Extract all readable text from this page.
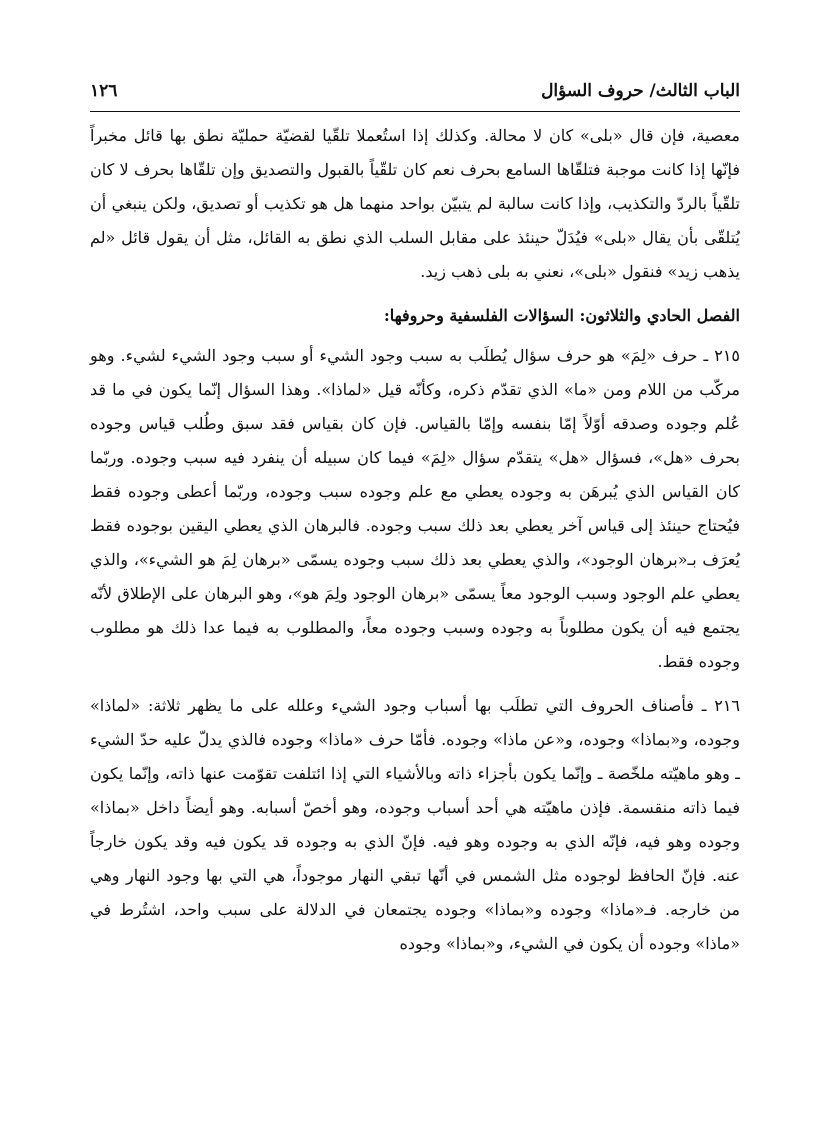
الباب الثالث/ حروف السؤال
١٢٦

معصية، فإن قال «بلى» كان لا محالة. وكذلك إذا استُعملا تلقّيا لقضيّة حمليّة نطق بها قائل مخبراً فإنّها إذا كانت موجبة فتلقّاها السامع بحرف نعم كان تلقّياً بالقبول والتصديق وإن تلقّاها بحرف لا كان تلقّياً بالردّ والتكذيب، وإذا كانت سالبة لم يتبيّن بواحد منهما هل هو تكذيب أو تصديق، ولكن ينبغي أن يُتلقّى بأن يقال «بلى» فيُدَلّ حينئذ على مقابل السلب الذي نطق به القائل، مثل أن يقول قائل «لم يذهب زيد» فنقول «بلى»، نعني به بلى ذهب زيد.

الفصل الحادي والثلاثون: السؤالات الفلسفية وحروفها:

٢١٥ ـ حرف «لِمَ» هو حرف سؤال يُطلَب به سبب وجود الشيء أو سبب وجود الشيء لشيء. وهو مركّب من اللام ومن «ما» الذي تقدّم ذكره، وكأنّه قيل «لماذا». وهذا السؤال إنّما يكون في ما قد عُلم وجوده وصدقه أوّلاً إمّا بنفسه وإمّا بالقياس. فإن كان بقياس فقد سبق وطُلب قياس وجوده بحرف «هل»، فسؤال «هل» يتقدّم سؤال «لِمَ» فيما كان سبيله أن ينفرد فيه سبب وجوده. وربّما كان القياس الذي يُبرهَن به وجوده يعطي مع علم وجوده سبب وجوده، وربّما أعطى وجوده فقط فيُحتاج حينئذ إلى قياس آخر يعطي بعد ذلك سبب وجوده. فالبرهان الذي يعطي اليقين بوجوده فقط يُعرَف بـ«برهان الوجود»، والذي يعطي بعد ذلك سبب وجوده يسمّى «برهان لِمَ هو الشيء»، والذي يعطي علم الوجود وسبب الوجود معاً يسمّى «برهان الوجود ولِمَ هو»، وهو البرهان على الإطلاق لأنّه يجتمع فيه أن يكون مطلوباً به وجوده وسبب وجوده معاً، والمطلوب به فيما عدا ذلك هو مطلوب وجوده فقط.

٢١٦ ـ فأصناف الحروف التي تطلَب بها أسباب وجود الشيء وعلله على ما يظهر ثلاثة: «لماذا» وجوده، و«بماذا» وجوده، و«عن ماذا» وجوده. فأمّا حرف «ماذا» وجوده فالذي يدلّ عليه حدّ الشيء ـ وهو ماهيّته ملخّصة ـ وإنّما يكون بأجزاء ذاته وبالأشياء التي إذا ائتلفت تقوّمت عنها ذاته، وإنّما يكون فيما ذاته منقسمة. فإذن ماهيّته هي أحد أسباب وجوده، وهو أخصّ أسبابه. وهو أيضاً داخل «بماذا» وجوده وهو فيه، فإنّه الذي به وجوده وهو فيه. فإنّ الذي به وجوده قد يكون فيه وقد يكون خارجاً عنه. فإنّ الحافظ لوجوده مثل الشمس في أنّها تبقي النهار موجوداً، هي التي بها وجود النهار وهي من خارجه. فـ«ماذا» وجوده و«بماذا» وجوده يجتمعان في الدلالة على سبب واحد، اشتُرط في «ماذا» وجوده أن يكون في الشيء، و«بماذا» وجوده
